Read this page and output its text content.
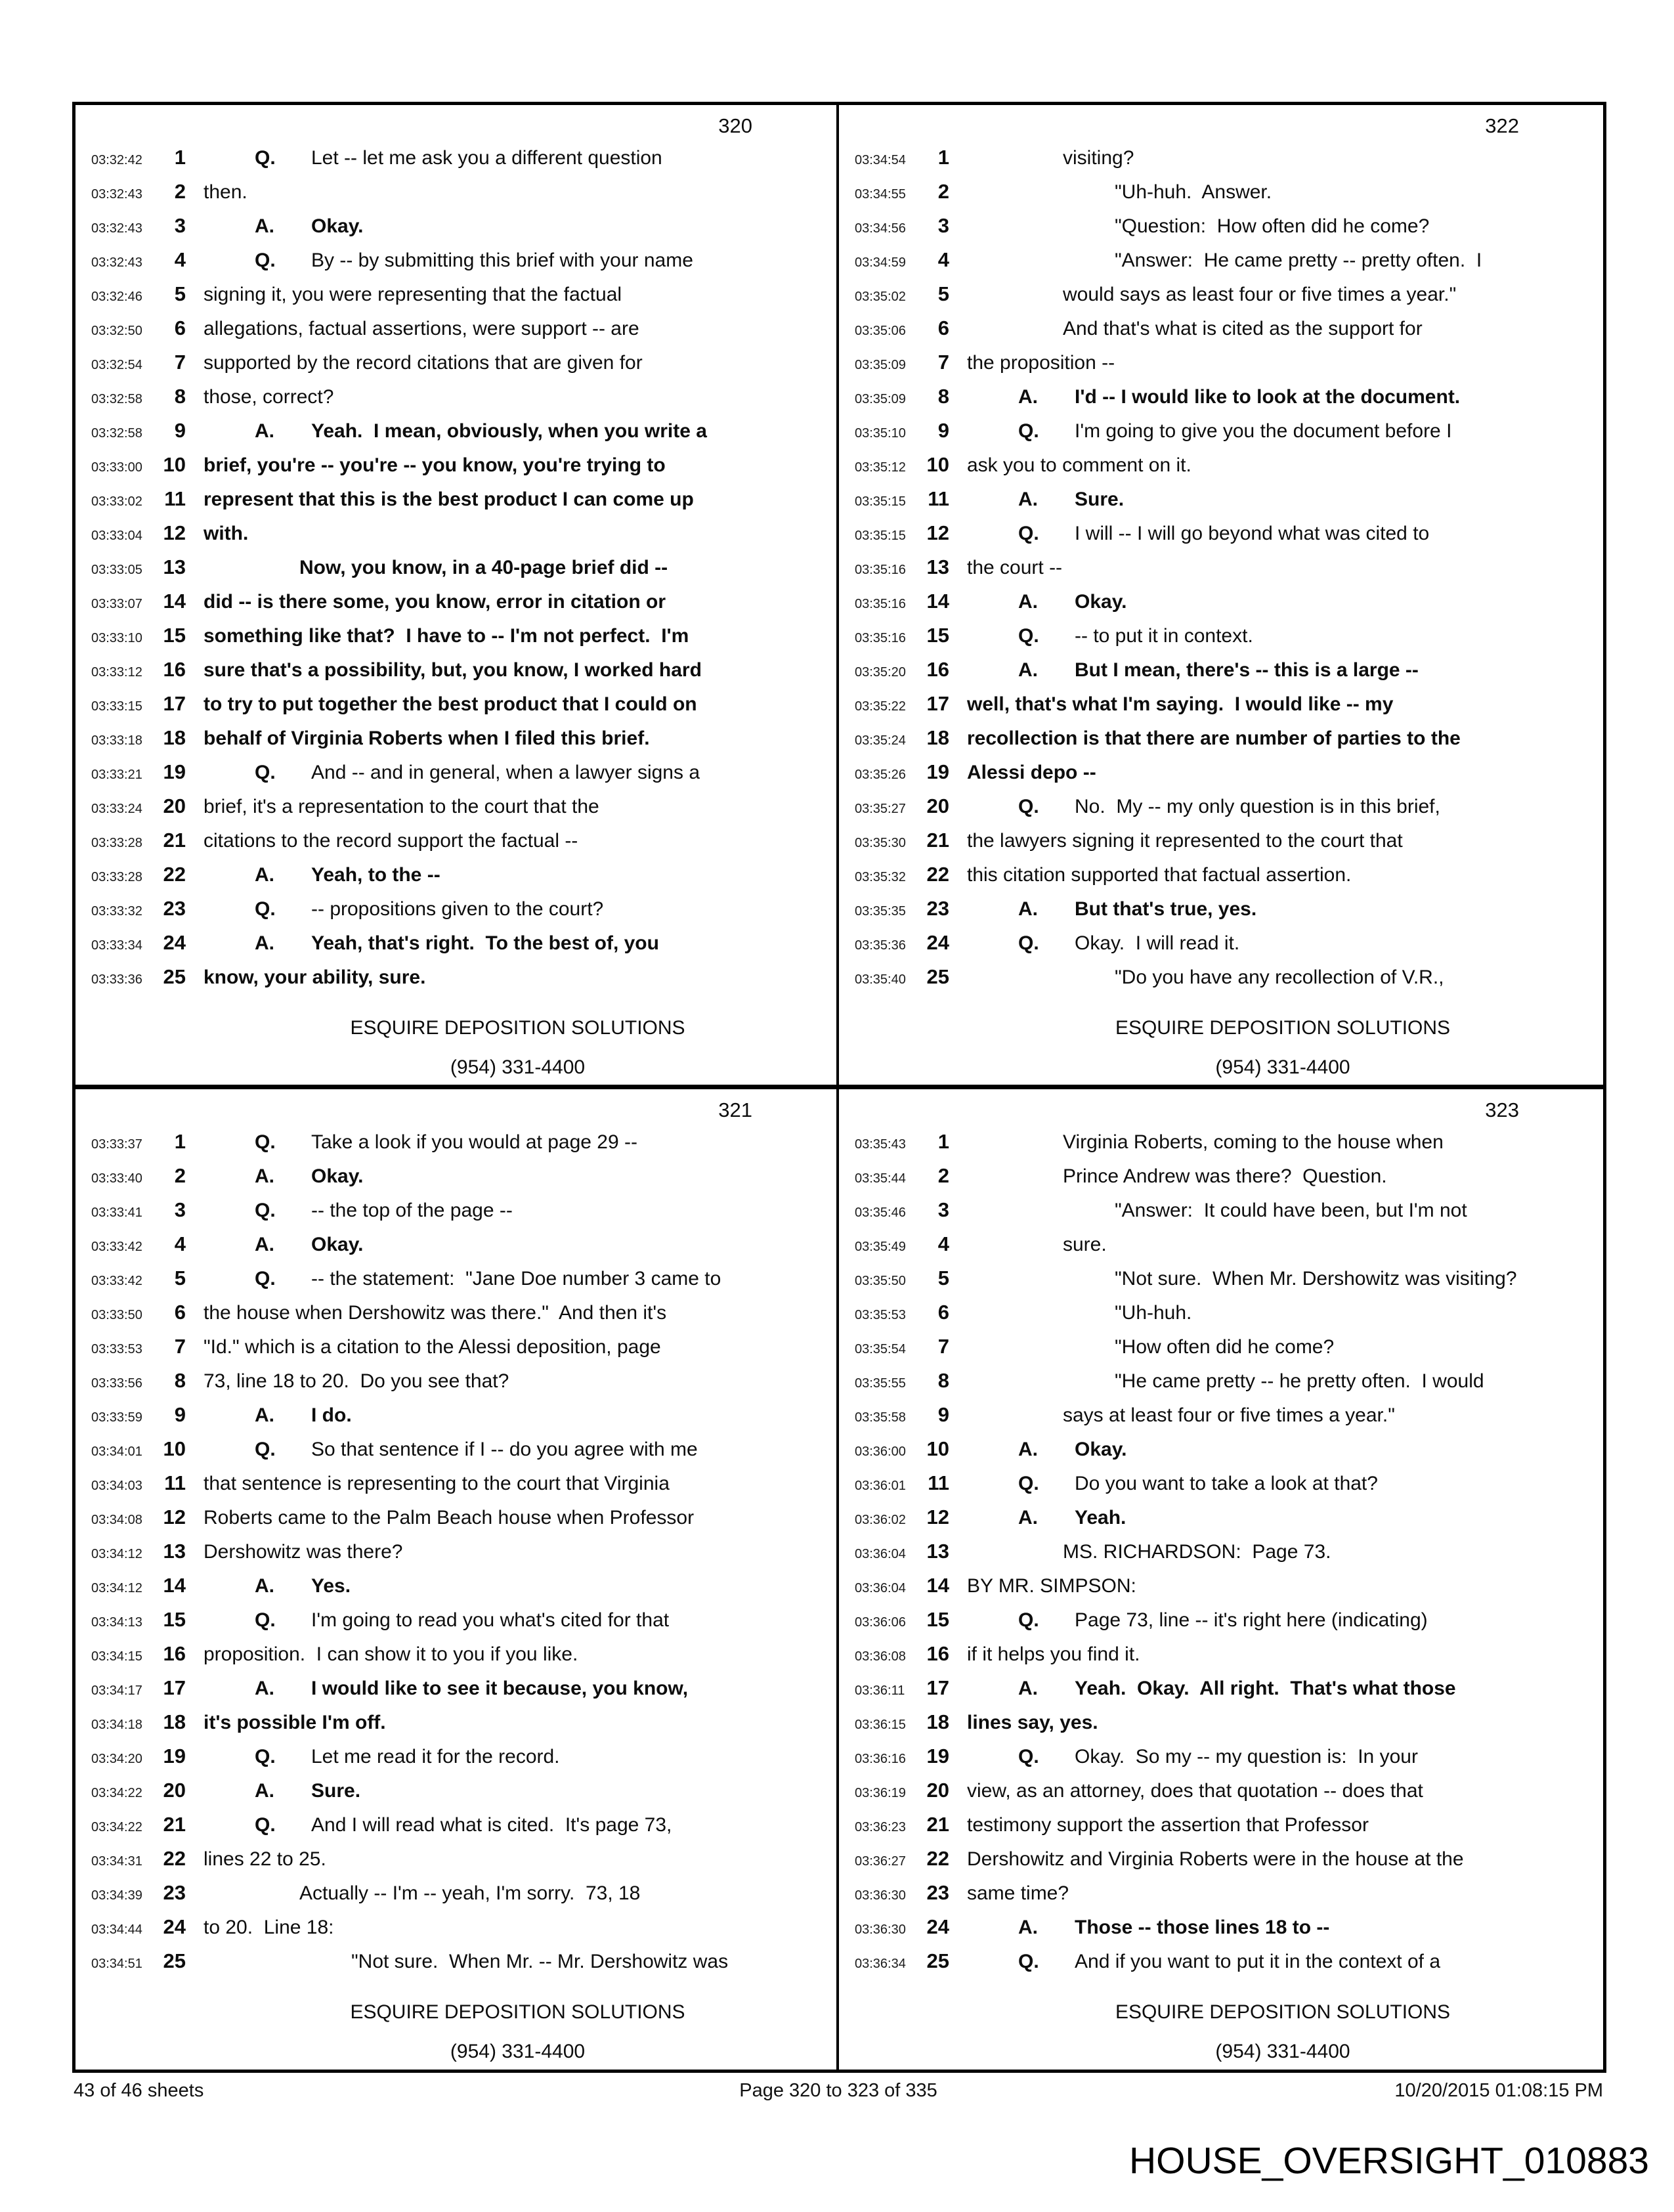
320
03:32:42	1	Q. Let -- let me ask you a different question
03:32:43	2 then.
03:32:43	3	A. Okay.
03:32:43	4	Q. By -- by submitting this brief with your name
03:32:46	5 signing it, you were representing that the factual
03:32:50	6 allegations, factual assertions, were support -- are
03:32:54	7 supported by the record citations that are given for
03:32:58	8 those, correct?
03:32:58	9	A. Yeah.  I mean, obviously, when you write a
03:33:00	10 brief, you're -- you're -- you know, you're trying to
03:33:02	11 represent that this is the best product I can come up
03:33:04	12 with.
03:33:05	13	Now, you know, in a 40-page brief did --
03:33:07	14 did -- is there some, you know, error in citation or
03:33:10	15 something like that?  I have to -- I'm not perfect.  I'm
03:33:12	16 sure that's a possibility, but, you know, I worked hard
03:33:15	17 to try to put together the best product that I could on
03:33:18	18 behalf of Virginia Roberts when I filed this brief.
03:33:21	19	Q. And -- and in general, when a lawyer signs a
03:33:24	20 brief, it's a representation to the court that the
03:33:28	21 citations to the record support the factual --
03:33:28	22	A. Yeah, to the --
03:33:32	23	Q. -- propositions given to the court?
03:33:34	24	A. Yeah, that's right.  To the best of, you
03:33:36	25 know, your ability, sure.
ESQUIRE DEPOSITION SOLUTIONS
(954) 331-4400
322
03:34:54	1	visiting?
03:34:55	2	"Uh-huh.  Answer.
03:34:56	3	"Question:  How often did he come?
03:34:59	4	"Answer:  He came pretty -- pretty often.  I
03:35:02	5	would says as least four or five times a year."
03:35:06	6	And that's what is cited as the support for
03:35:09	7 the proposition --
03:35:09	8	A. I'd -- I would like to look at the document.
03:35:10	9	Q. I'm going to give you the document before I
03:35:12	10 ask you to comment on it.
03:35:15	11	A. Sure.
03:35:15	12	Q. I will -- I will go beyond what was cited to
03:35:16	13 the court --
03:35:16	14	A. Okay.
03:35:16	15	Q. -- to put it in context.
03:35:20	16	A. But I mean, there's -- this is a large --
03:35:22	17 well, that's what I'm saying.  I would like -- my
03:35:24	18 recollection is that there are number of parties to the
03:35:26	19 Alessi depo --
03:35:27	20	Q. No.  My -- my only question is in this brief,
03:35:30	21 the lawyers signing it represented to the court that
03:35:32	22 this citation supported that factual assertion.
03:35:35	23	A. But that's true, yes.
03:35:36	24	Q. Okay.  I will read it.
03:35:40	25	"Do you have any recollection of V.R.,
ESQUIRE DEPOSITION SOLUTIONS
(954) 331-4400
321
03:33:37	1	Q. Take a look if you would at page 29 --
03:33:40	2	A. Okay.
03:33:41	3	Q. -- the top of the page --
03:33:42	4	A. Okay.
03:33:42	5	Q. -- the statement:  "Jane Doe number 3 came to
03:33:50	6 the house when Dershowitz was there."  And then it's
03:33:53	7 "Id." which is a citation to the Alessi deposition, page
03:33:56	8 73, line 18 to 20.  Do you see that?
03:33:59	9	A. I do.
03:34:01	10	Q. So that sentence if I -- do you agree with me
03:34:03	11 that sentence is representing to the court that Virginia
03:34:08	12 Roberts came to the Palm Beach house when Professor
03:34:12	13 Dershowitz was there?
03:34:12	14	A. Yes.
03:34:13	15	Q. I'm going to read you what's cited for that
03:34:15	16 proposition.  I can show it to you if you like.
03:34:17	17	A. I would like to see it because, you know,
03:34:18	18 it's possible I'm off.
03:34:20	19	Q. Let me read it for the record.
03:34:22	20	A. Sure.
03:34:22	21	Q. And I will read what is cited.  It's page 73,
03:34:31	22 lines 22 to 25.
03:34:39	23	Actually -- I'm -- yeah, I'm sorry.  73, 18
03:34:44	24 to 20.  Line 18:
03:34:51	25	"Not sure.  When Mr. -- Mr. Dershowitz was
ESQUIRE DEPOSITION SOLUTIONS
(954) 331-4400
323
03:35:43	1	Virginia Roberts, coming to the house when
03:35:44	2	Prince Andrew was there?  Question.
03:35:46	3	"Answer:  It could have been, but I'm not
03:35:49	4	sure.
03:35:50	5	"Not sure.  When Mr. Dershowitz was visiting?
03:35:53	6	"Uh-huh.
03:35:54	7	"How often did he come?
03:35:55	8	"He came pretty -- he pretty often.  I would
03:35:58	9	says at least four or five times a year."
03:36:00	10	A. Okay.
03:36:01	11	Q. Do you want to take a look at that?
03:36:02	12	A. Yeah.
03:36:04	13	MS. RICHARDSON:  Page 73.
03:36:04	14 BY MR. SIMPSON:
03:36:06	15	Q. Page 73, line -- it's right here (indicating)
03:36:08	16 if it helps you find it.
03:36:11	17	A. Yeah.  Okay.  All right.  That's what those
03:36:15	18 lines say, yes.
03:36:16	19	Q. Okay.  So my -- my question is:  In your
03:36:19	20 view, as an attorney, does that quotation -- does that
03:36:23	21 testimony support the assertion that Professor
03:36:27	22 Dershowitz and Virginia Roberts were in the house at the
03:36:30	23 same time?
03:36:30	24	A. Those -- those lines 18 to --
03:36:34	25	Q. And if you want to put it in the context of a
ESQUIRE DEPOSITION SOLUTIONS
(954) 331-4400
43 of 46 sheets	Page 320 to 323 of 335	10/20/2015 01:08:15 PM
HOUSE_OVERSIGHT_010883
